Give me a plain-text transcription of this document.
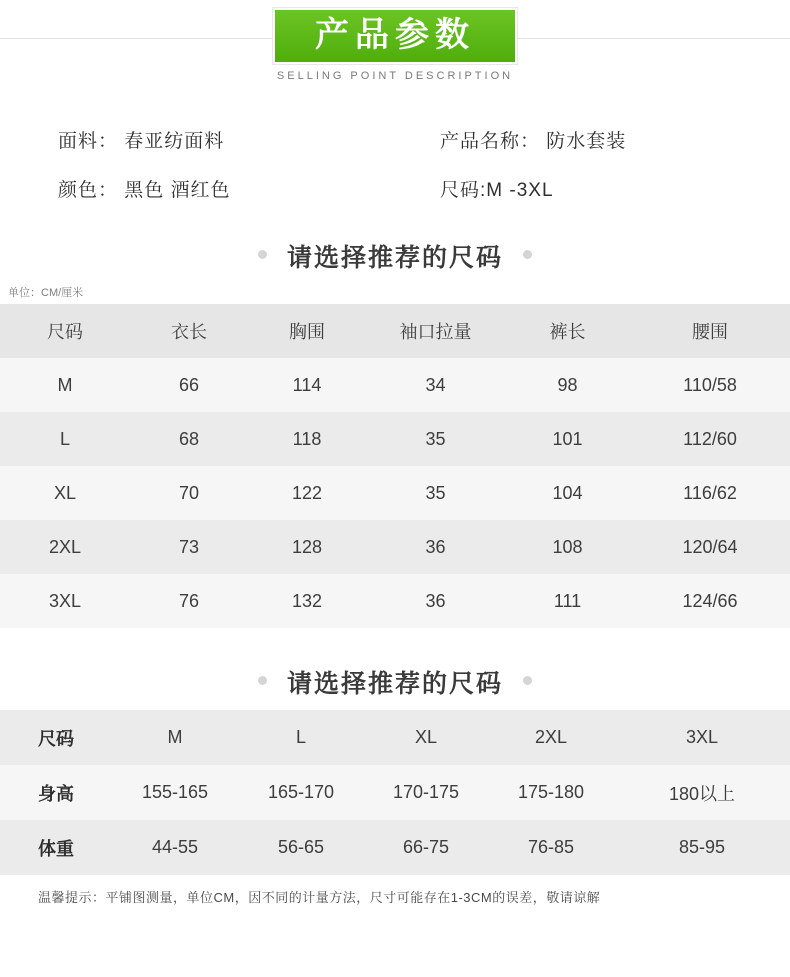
产品参数
SELLING POINT DESCRIPTION
面料： 春亚纺面料	产品名称： 防水套装
颜色： 黑色 酒红色	尺码:M -3XL
请选择推荐的尺码
单位：CM/厘米
尺码	衣长	胸围	袖口拉量	裤长	腰围
M	66	114	34	98	110/58
L	68	118	35	101	112/60
XL	70	122	35	104	116/62
2XL	73	128	36	108	120/64
3XL	76	132	36	111	124/66
请选择推荐的尺码
尺码	M	L	XL	2XL	3XL
身高	155-165	165-170	170-175	175-180	180以上
体重	44-55	56-65	66-75	76-85	85-95
温馨提示：平铺图测量，单位CM，因不同的计量方法，尺寸可能存在1-3CM的误差，敬请谅解
